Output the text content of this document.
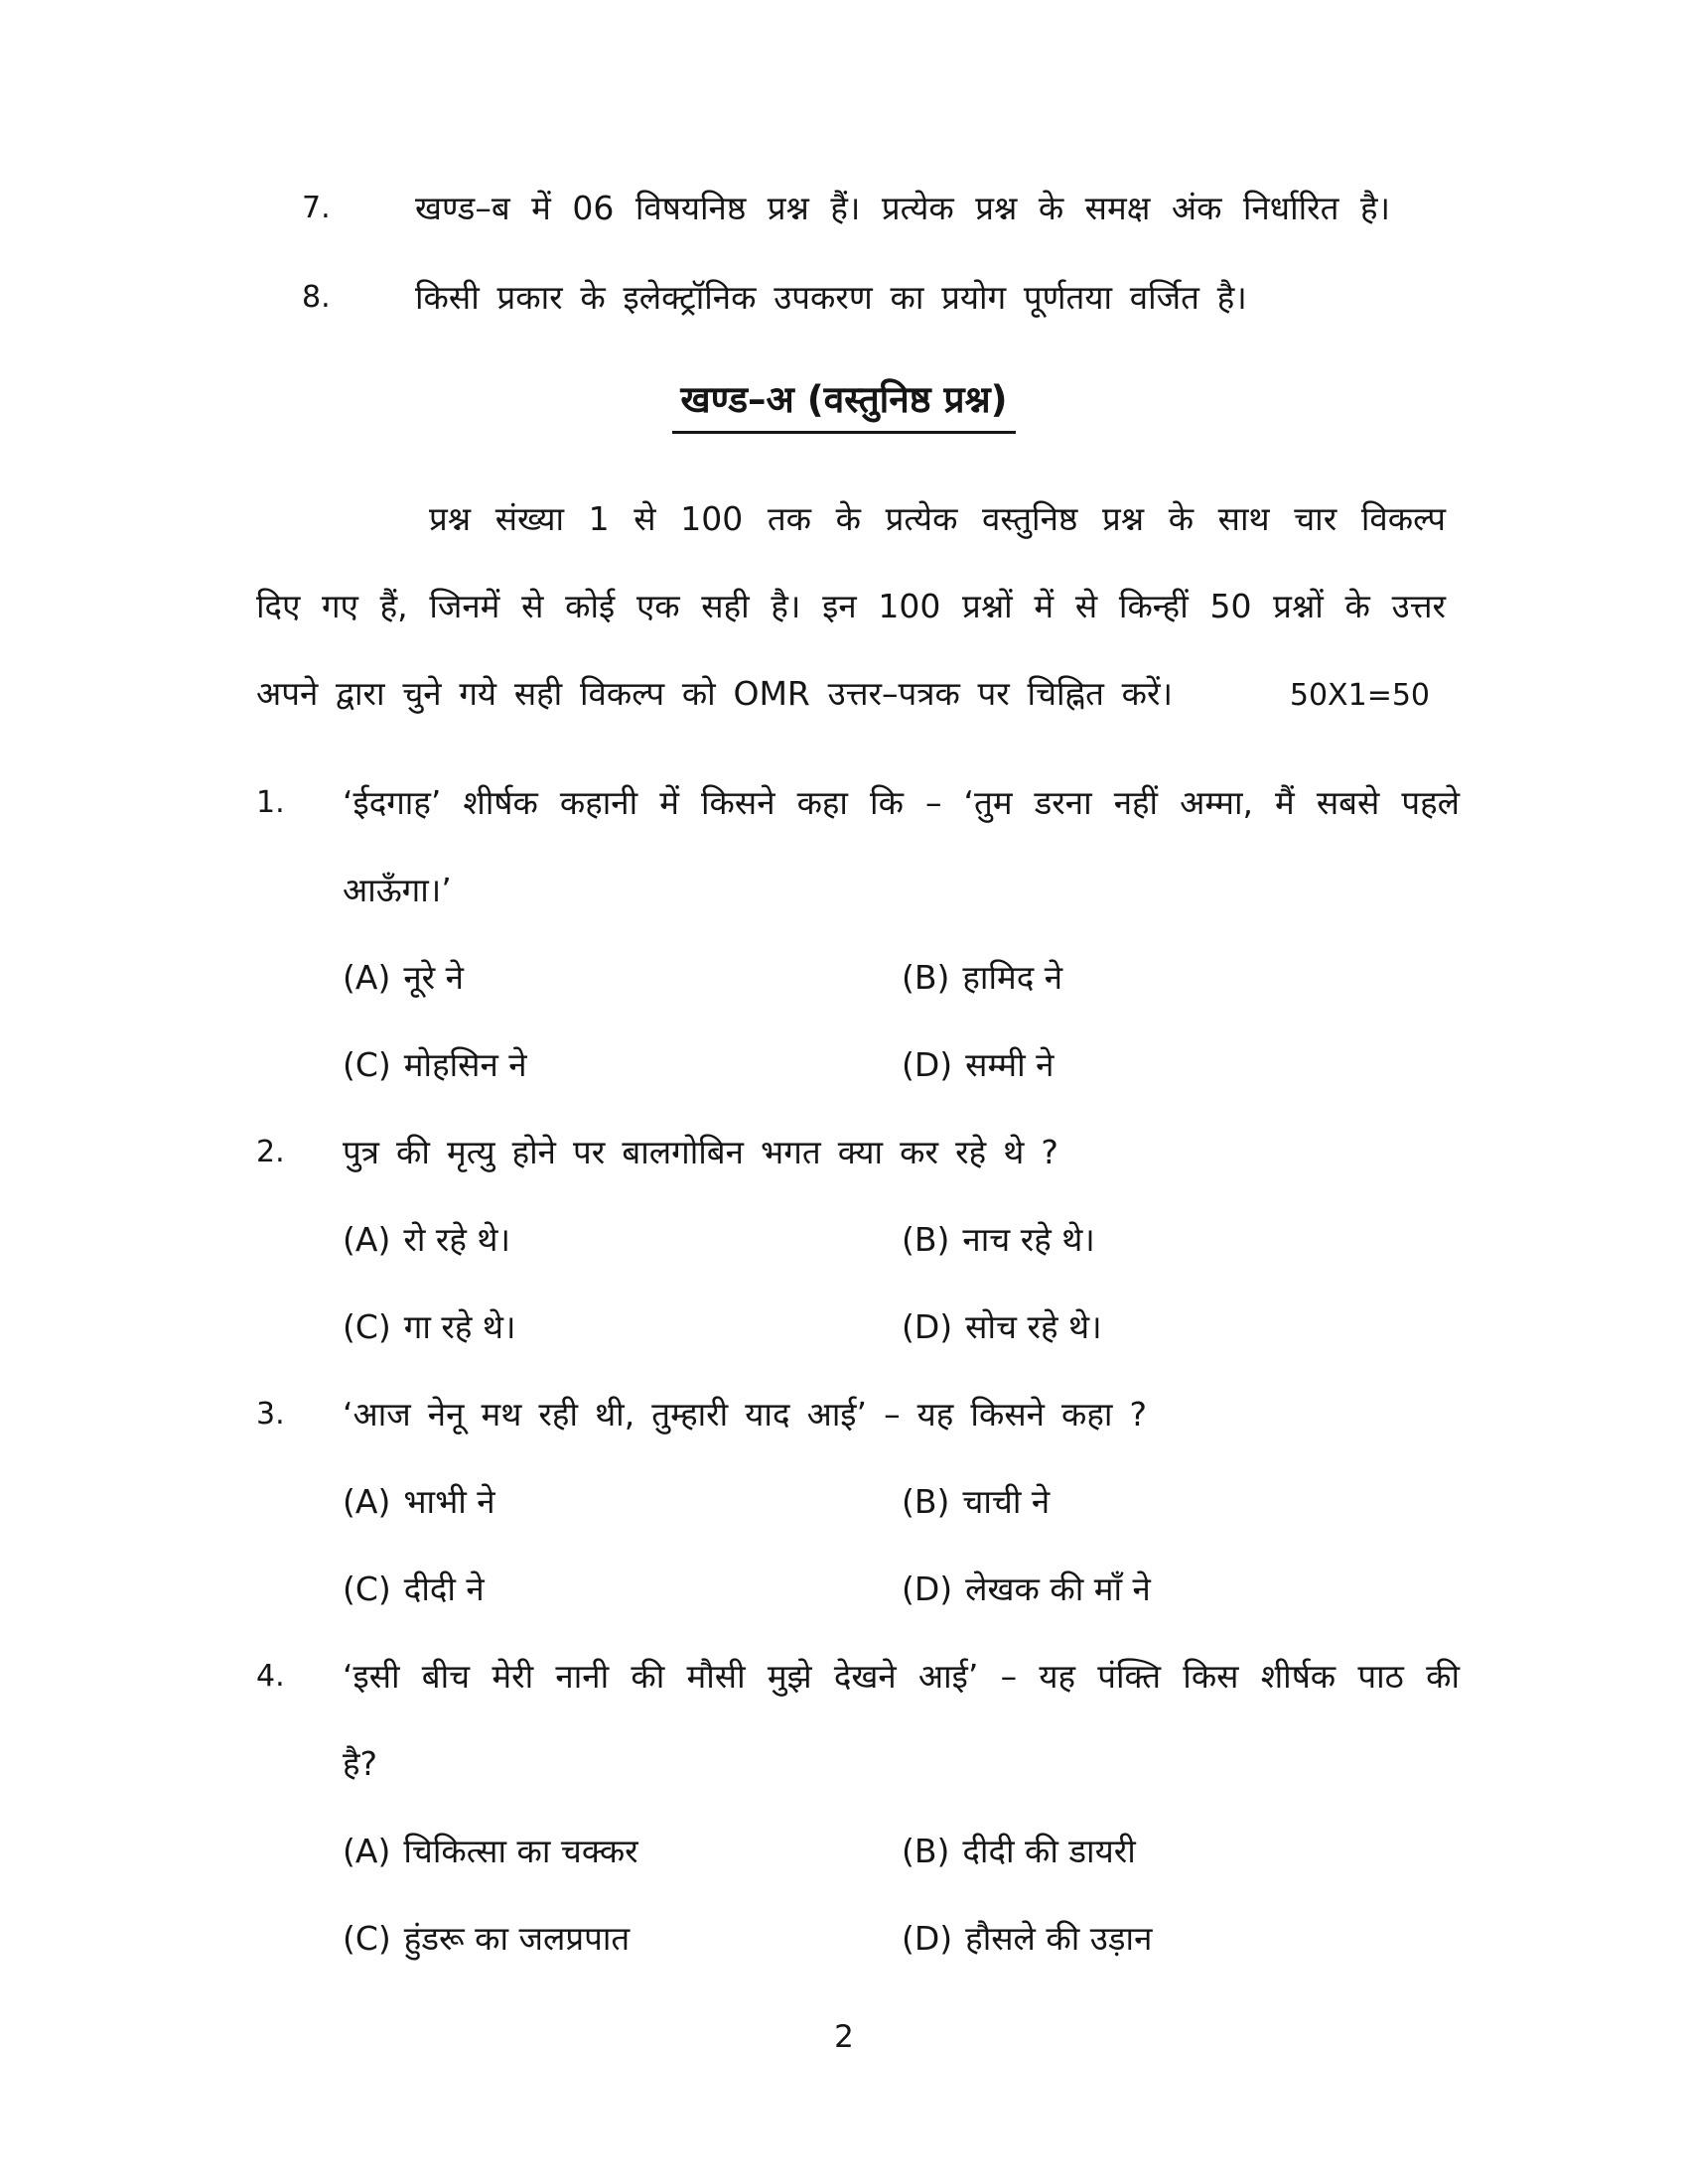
7.	खण्ड–ब में 06 विषयनिष्ठ प्रश्न हैं। प्रत्येक प्रश्न के समक्ष अंक निर्धारित है।
8.	किसी प्रकार के इलेक्ट्रॉनिक उपकरण का प्रयोग पूर्णतया वर्जित है।
खण्ड–अ (वस्तुनिष्ठ प्रश्न)
प्रश्न संख्या 1 से 100 तक के प्रत्येक वस्तुनिष्ठ प्रश्न के साथ चार विकल्प
दिए गए हैं, जिनमें से कोई एक सही है। इन 100 प्रश्नों में से किन्हीं 50 प्रश्नों के उत्तर
अपने द्वारा चुने गये सही विकल्प को OMR उत्तर–पत्रक पर चिह्नित करें।	50X1=50
1.	‘ईदगाह’ शीर्षक कहानी में किसने कहा कि – ‘तुम डरना नहीं अम्मा, मैं सबसे पहले
आऊँगा।’
(A) नूरे ने	(B) हामिद ने
(C) मोहसिन ने	(D) सम्मी ने
2.	पुत्र की मृत्यु होने पर बालगोबिन भगत क्या कर रहे थे ?
(A) रो रहे थे।	(B) नाच रहे थे।
(C) गा रहे थे।	(D) सोच रहे थे।
3.	‘आज नेनू मथ रही थी, तुम्हारी याद आई’ – यह किसने कहा ?
(A) भाभी ने	(B) चाची ने
(C) दीदी ने	(D) लेखक की माँ ने
4.	‘इसी बीच मेरी नानी की मौसी मुझे देखने आई’ – यह पंक्ति किस शीर्षक पाठ की
है?
(A) चिकित्सा का चक्कर	(B) दीदी की डायरी
(C) हुंडरू का जलप्रपात	(D) हौसले की उड़ान
2
